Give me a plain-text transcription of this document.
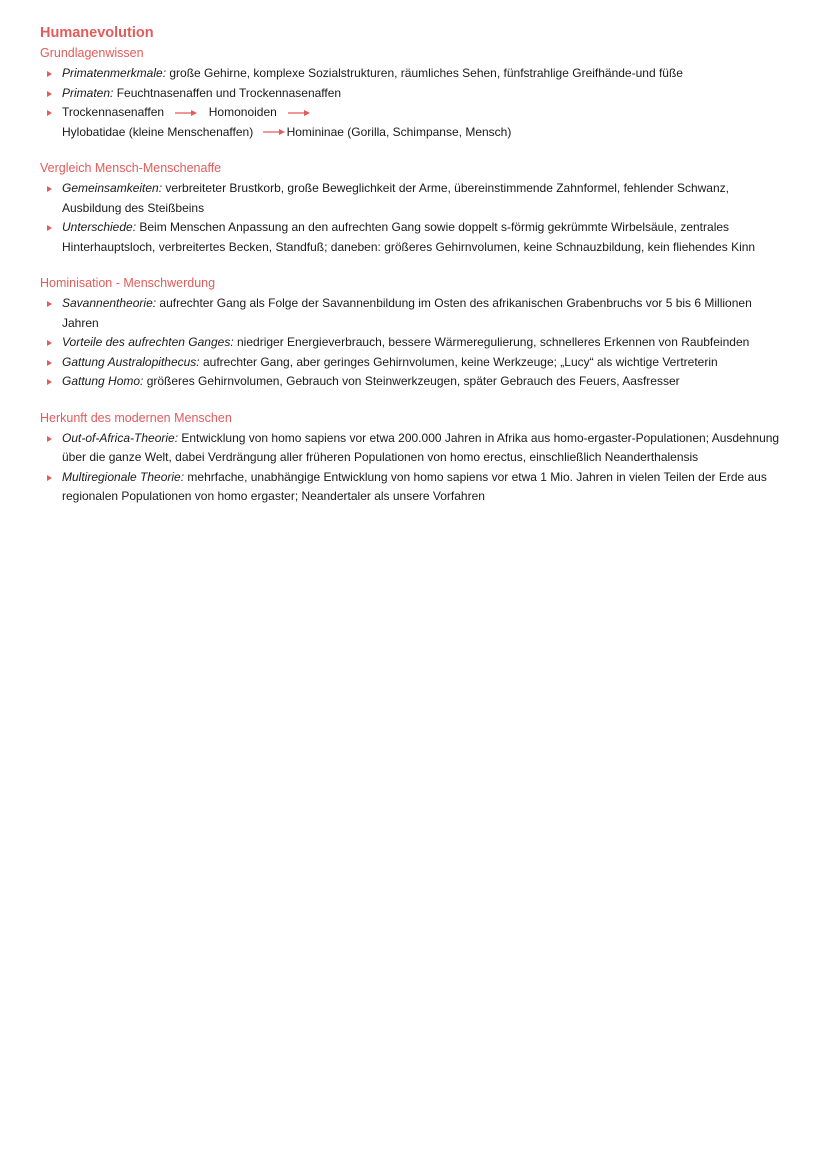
Humanevolution
Grundlagenwissen
Primatenmerkmale: große Gehirne, komplexe Sozialstrukturen, räumliches Sehen, fünfstrahlige Greifhände-und füße
Primaten: Feuchtnasenaffen und Trockennasenaffen
Trockennasenaffen	Homonoiden
Hylobatidae (kleine Menschenaffen)	Homininae (Gorilla, Schimpanse, Mensch)
Vergleich Mensch-Menschenaffe
Gemeinsamkeiten: verbreiteter Brustkorb, große Beweglichkeit der Arme, übereinstimmende Zahnformel, fehlender Schwanz, Ausbildung des Steißbeins
Unterschiede: Beim Menschen Anpassung an den aufrechten Gang sowie doppelt s-förmig gekrümmte Wirbelsäule, zentrales Hinterhauptsloch, verbreitertes Becken, Standfuß; daneben: größeres Gehirnvolumen, keine Schnauzbildung, kein fliehendes Kinn
Hominisation - Menschwerdung
Savannentheorie: aufrechter Gang als Folge der Savannenbildung im Osten des afrikanischen Grabenbruchs vor 5 bis 6 Millionen Jahren
Vorteile des aufrechten Ganges: niedriger Energieverbrauch, bessere Wärmeregulierung, schnelleres Erkennen von Raubfeinden
Gattung Australopithecus: aufrechter Gang, aber geringes Gehirnvolumen, keine Werkzeuge; „Lucy“ als wichtige Vertreterin
Gattung Homo: größeres Gehirnvolumen, Gebrauch von Steinwerkzeugen, später Gebrauch des Feuers, Aasfresser
Herkunft des modernen Menschen
Out-of-Africa-Theorie: Entwicklung von homo sapiens vor etwa 200.000 Jahren in Afrika aus homo-ergaster-Populationen; Ausdehnung über die ganze Welt, dabei Verdrängung aller früheren Populationen von homo erectus, einschließlich Neanderthalensis
Multiregionale Theorie: mehrfache, unabhängige Entwicklung von homo sapiens vor etwa 1 Mio. Jahren in vielen Teilen der Erde aus regionalen Populationen von homo ergaster; Neandertaler als unsere Vorfahren
